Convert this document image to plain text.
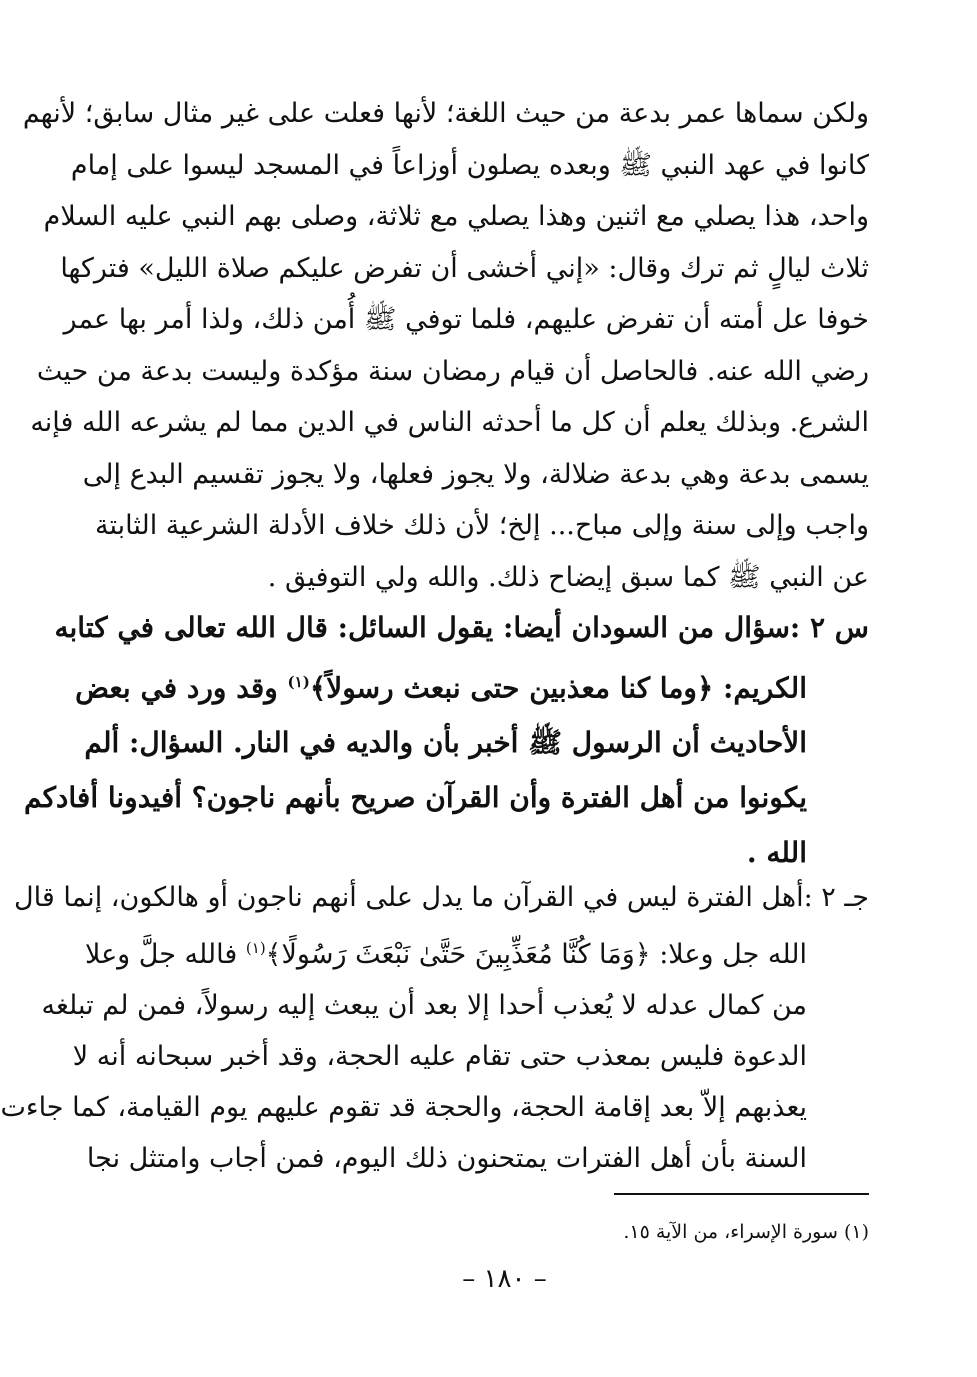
ولكن سماها عمر بدعة من حيث اللغة؛ لأنها فعلت على غير مثال سابق؛ لأنهم
كانوا في عهد النبي ﷺ وبعده يصلون أوزاعاً في المسجد ليسوا على إمام
واحد، هذا يصلي مع اثنين وهذا يصلي مع ثلاثة، وصلى بهم النبي عليه السلام
ثلاث ليالٍ ثم ترك وقال: «إني أخشى أن تفرض عليكم صلاة الليل» فتركها
خوفا عل أمته أن تفرض عليهم، فلما توفي ﷺ أُمن ذلك، ولذا أمر بها عمر
رضي الله عنه. فالحاصل أن قيام رمضان سنة مؤكدة وليست بدعة من حيث
الشرع. وبذلك يعلم أن كل ما أحدثه الناس في الدين مما لم يشرعه الله فإنه
يسمى بدعة وهي بدعة ضلالة، ولا يجوز فعلها، ولا يجوز تقسيم البدع إلى
واجب وإلى سنة وإلى مباح... إلخ؛ لأن ذلك خلاف الأدلة الشرعية الثابتة
عن النبي ﷺ كما سبق إيضاح ذلك. والله ولي التوفيق .
س ٢ :سؤال من السودان أيضا: يقول السائل: قال الله تعالى في كتابه
الكريم: ﴿وما كنا معذبين حتى نبعث رسولاً﴾$^{(١)}$ وقد ورد في بعض
الأحاديث أن الرسول ﷺ أخبر بأن والديه في النار. السؤال: ألم
يكونوا من أهل الفترة وأن القرآن صريح بأنهم ناجون؟ أفيدونا أفادكم
الله .
جـ ٢ :أهل الفترة ليس في القرآن ما يدل على أنهم ناجون أو هالكون، إنما قال
الله جل وعلا: ﴿وَمَا كُنَّا مُعَذِّبِينَ حَتَّىٰ نَبْعَثَ رَسُولًا﴾$^{(١)}$ فالله جلَّ وعلا
من كمال عدله لا يُعذب أحدا إلا بعد أن يبعث إليه رسولاً، فمن لم تبلغه
الدعوة فليس بمعذب حتى تقام عليه الحجة، وقد أخبر سبحانه أنه لا
يعذبهم إلاّ بعد إقامة الحجة، والحجة قد تقوم عليهم يوم القيامة، كما جاءت
السنة بأن أهل الفترات يمتحنون ذلك اليوم، فمن أجاب وامتثل نجا
(١) سورة الإسراء، من الآية ١٥.
– ١٨٠ –
